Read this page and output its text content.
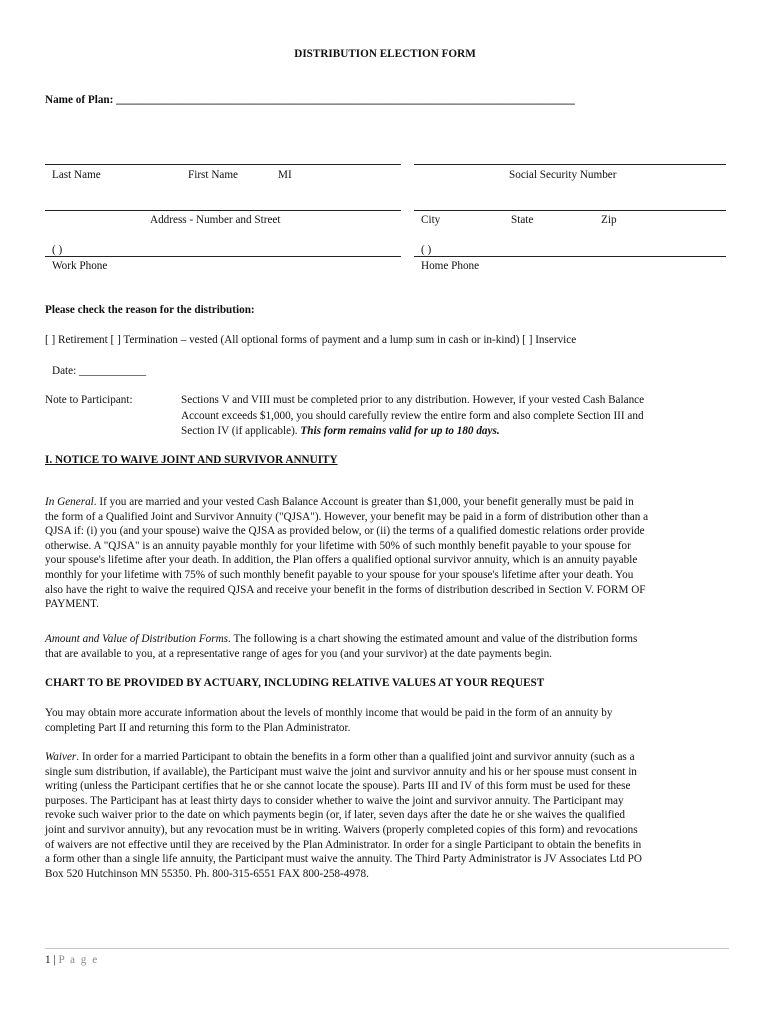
DISTRIBUTION ELECTION FORM
Name of Plan: __________________________________________________________________________________
Last Name	First Name	MI	Social Security Number
Address - Number and Street	City	State	Zip
( )	( )
Work Phone	Home Phone
Please check the reason for the distribution:
[ ] Retirement [ ] Termination – vested (All optional forms of payment and a lump sum in cash or in-kind) [ ] Inservice
Date: ____________
Note to Participant:	Sections V and VIII must be completed prior to any distribution. However, if your vested Cash Balance
Account exceeds $1,000, you should carefully review the entire form and also complete Section III and
Section IV (if applicable). This form remains valid for up to 180 days.
I. NOTICE TO WAIVE JOINT AND SURVIVOR ANNUITY
In General. If you are married and your vested Cash Balance Account is greater than $1,000, your benefit generally must be paid in
the form of a Qualified Joint and Survivor Annuity ("QJSA"). However, your benefit may be paid in a form of distribution other than a
QJSA if: (i) you (and your spouse) waive the QJSA as provided below, or (ii) the terms of a qualified domestic relations order provide
otherwise. A "QJSA" is an annuity payable monthly for your lifetime with 50% of such monthly benefit payable to your spouse for
your spouse's lifetime after your death. In addition, the Plan offers a qualified optional survivor annuity, which is an annuity payable
monthly for your lifetime with 75% of such monthly benefit payable to your spouse for your spouse's lifetime after your death. You
also have the right to waive the required QJSA and receive your benefit in the forms of distribution described in Section V. FORM OF
PAYMENT.
Amount and Value of Distribution Forms. The following is a chart showing the estimated amount and value of the distribution forms
that are available to you, at a representative range of ages for you (and your survivor) at the date payments begin.
CHART TO BE PROVIDED BY ACTUARY, INCLUDING RELATIVE VALUES AT YOUR REQUEST
You may obtain more accurate information about the levels of monthly income that would be paid in the form of an annuity by
completing Part II and returning this form to the Plan Administrator.
Waiver. In order for a married Participant to obtain the benefits in a form other than a qualified joint and survivor annuity (such as a
single sum distribution, if available), the Participant must waive the joint and survivor annuity and his or her spouse must consent in
writing (unless the Participant certifies that he or she cannot locate the spouse). Parts III and IV of this form must be used for these
purposes. The Participant has at least thirty days to consider whether to waive the joint and survivor annuity. The Participant may
revoke such waiver prior to the date on which payments begin (or, if later, seven days after the date he or she waives the qualified
joint and survivor annuity), but any revocation must be in writing. Waivers (properly completed copies of this form) and revocations
of waivers are not effective until they are received by the Plan Administrator. In order for a single Participant to obtain the benefits in
a form other than a single life annuity, the Participant must waive the annuity. The Third Party Administrator is JV Associates Ltd PO
Box 520 Hutchinson MN 55350. Ph. 800-315-6551 FAX 800-258-4978.
1 | P a g e
